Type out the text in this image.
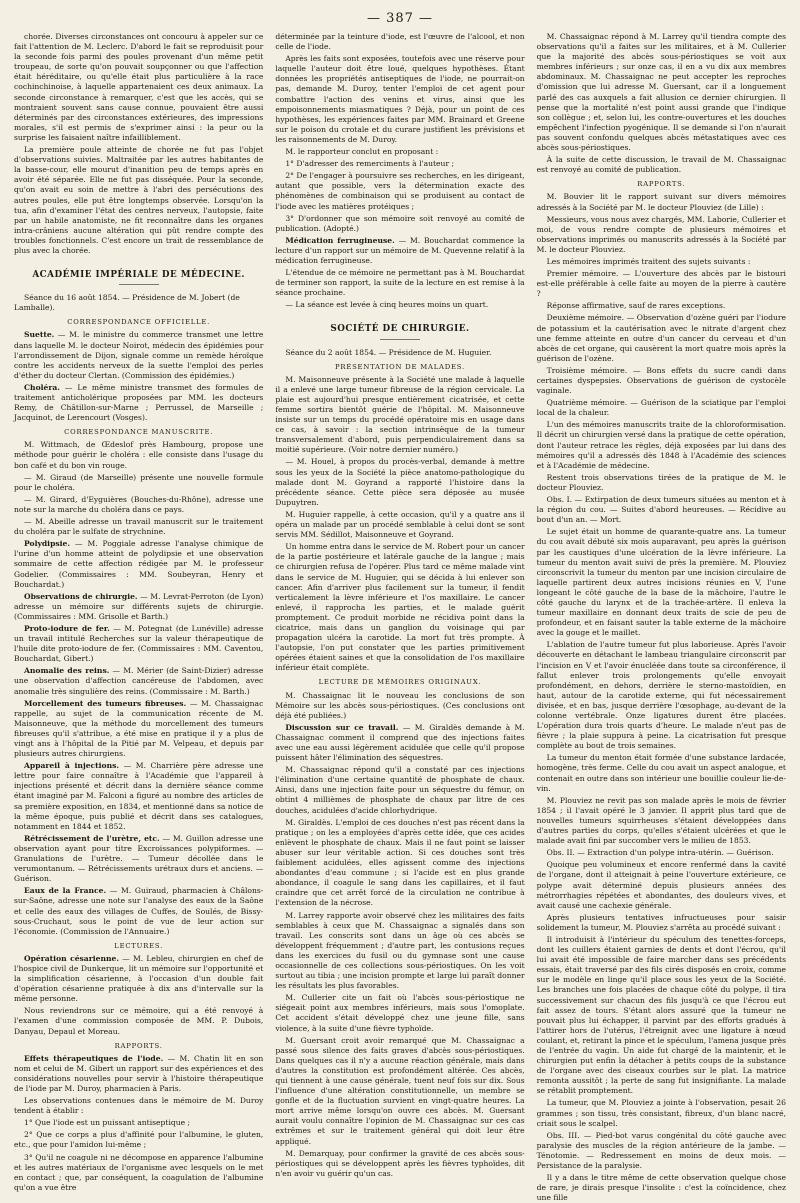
— 387 —

chorée. Diverses circonstances ont concouru à appeler sur ce fait l'attention de M. Leclerc. D'abord le fait se reproduisit pour la seconde fois parmi des poules provenant d'un même petit troupeau, de sorte qu'on pouvait soupçonner ou que l'affection était héréditaire, ou qu'elle était plus particulière à la race cochinchinoise, à laquelle appartenaient ces deux animaux. La seconde circonstance à remarquer, c'est que les accès, qui se montraient souvent sans cause connue, pouvaient être aussi déterminés par des circonstances extérieures, des impressions morales, s'il est permis de s'exprimer ainsi : la peur ou la surprise les faisaient naître infailliblement.

La première poule atteinte de chorée ne fut pas l'objet d'observations suivies. Maltraitée par les autres habitantes de la basse-cour, elle mourut d'inanition peu de temps après en avoir été séparée. Elle ne fut pas disséquée. Pour la seconde, qu'on avait eu soin de mettre à l'abri des persécutions des autres poules, elle put être longtemps observée. Lorsqu'on la tua, afin d'examiner l'état des centres nerveux, l'autopsie, faite par un habile anatomiste, ne fit reconnaître dans les organes intra-crâniens aucune altération qui pût rendre compte des troubles fonctionnels. C'est encore un trait de ressemblance de plus avec la chorée.

ACADÉMIE IMPÉRIALE DE MÉDECINE.

Séance du 16 août 1854. — Présidence de M. Jobert (de Lamballe).

CORRESPONDANCE OFFICIELLE.

Suette. — M. le ministre du commerce transmet une lettre dans laquelle M. le docteur Noirot, médecin des épidémies pour l'arrondissement de Dijon, signale comme un remède héroïque contre les accidents nerveux de la suette l'emploi des perles d'éther du docteur Clertan. (Commission des épidémies.)

Choléra. — Le même ministre transmet des formules de traitement anticholérique proposées par MM. les docteurs Remy, de Châtillon-sur-Marne ; Perrussel, de Marseille ; Jacquinot, de Lerencourt (Vosges).

CORRESPONDANCE MANUSCRITE.

M. Wittmach, de Œdeslof près Hambourg, propose une méthode pour guérir le choléra : elle consiste dans l'usage du bon café et du bon vin rouge.

— M. Giraud (de Marseille) présente une nouvelle formule pour le choléra.

— M. Girard, d'Eyguières (Bouches-du-Rhône), adresse une note sur la marche du choléra dans ce pays.

— M. Abeille adresse un travail manuscrit sur le traitement du choléra par le sulfate de strychnine.

Polydipsie. — M. Poggiale adresse l'analyse chimique de l'urine d'un homme atteint de polydipsie et une observation sommaire de cette affection rédigée par M. le professeur Godelier. (Commissaires : MM. Soubeyran, Henry et Bouchardat.)

Observations de chirurgie. — M. Levrat-Perroton (de Lyon) adresse un mémoire sur différents sujets de chirurgie. (Commissaires : MM. Grisolle et Barth.)

Proto-iodure de fer. — M. Potegnat (de Lunéville) adresse un travail intitulé Recherches sur la valeur thérapeutique de l'huile dite proto-iodure de fer. (Commissaires : MM. Caventou, Bouchardat, Gibert.)

Anomalie des reins. — M. Mérier (de Saint-Dizier) adresse une observation d'affection cancéreuse de l'abdomen, avec anomalie très singulière des reins. (Commissaire : M. Barth.)

Morcellement des tumeurs fibreuses. — M. Chassaignac rappelle, au sujet de la communication récente de M. Maisonneuve, que la méthode du morcellement des tumeurs fibreuses qu'il s'attribue, a été mise en pratique il y a plus de vingt ans à l'hôpital de la Pitié par M. Velpeau, et depuis par plusieurs autres chirurgiens.

Appareil à injections. — M. Charrière père adresse une lettre pour faire connaître à l'Académie que l'appareil à injections présenté et décrit dans la dernière séance comme étant imaginé par M. Falconi a figuré au nombre des articles de sa première exposition, en 1834, et mentionné dans sa notice de la même époque, puis publié et décrit dans ses catalogues, notamment en 1844 et 1852.

Rétrécissement de l'urètre, etc. — M. Guillon adresse une observation ayant pour titre Excroissances polypiformes. — Granulations de l'urètre. — Tumeur décollée dans le verumontanum. — Rétrécissements urétraux durs et anciens. — Guérison.

Eaux de la France. — M. Guiraud, pharmacien à Châlons-sur-Saône, adresse une note sur l'analyse des eaux de la Saône et celle des eaux des villages de Cuffes, de Soulés, de Bissy-sous-Cruchaut, sous le point de vue de leur action sur l'économie. (Commission de l'Annuaire.)

LECTURES.

Opération césarienne. — M. Lebleu, chirurgien en chef de l'hospice civil de Dunkerque, lit un mémoire sur l'opportunité et la simplification césarienne, à l'occasion d'un double fait d'opération césarienne pratiquée à dix ans d'intervalle sur la même personne.

Nous reviendrons sur ce mémoire, qui a été renvoyé à l'examen d'une commission composée de MM. P. Dubois, Danyau, Depaul et Moreau.

RAPPORTS.

Effets thérapeutiques de l'iode. — M. Chatin lit en son nom et celui de M. Gibert un rapport sur des expériences et des considérations nouvelles pour servir à l'histoire thérapeutique de l'iode par M. Duroy, pharmacien à Paris.

Les observations contenues dans le mémoire de M. Duroy tendent à établir :

1° Que l'iode est un puissant antiseptique ;

2° Que ce corps a plus d'affinité pour l'albumine, le gluten, etc., que pour l'amidon lui-même ;

3° Qu'il ne coagule ni ne décompose en apparence l'albumine et les autres matériaux de l'organisme avec lesquels on le met en contact ; que, par conséquent, la coagulation de l'albumine qu'on a vue être

déterminée par la teinture d'iode, est l'œuvre de l'alcool, et non celle de l'iode.

Après les faits sont exposées, toutefois avec une réserve pour laquelle l'auteur doit être loué, quelques hypothèses. Étant données les propriétés antiseptiques de l'iode, ne pourrait-on pas, demande M. Duroy, tenter l'emploi de cet agent pour combattre l'action des venins et virus, ainsi que les empoisonnements miasmatiques ? Déjà, pour un point de ces hypothèses, les expériences faites par MM. Brainard et Greene sur le poison du crotale et du curare justifient les prévisions et les raisonnements de M. Duroy.

M. le rapporteur conclut en proposant :

1° D'adresser des remerciments à l'auteur ;

2° De l'engager à poursuivre ses recherches, en les dirigeant, autant que possible, vers la détermination exacte des phénomènes de combinaison qui se produisent au contact de l'iode avec les matières protéiques ;

3° D'ordonner que son mémoire soit renvoyé au comité de publication. (Adopté.)

Médication ferrugineuse. — M. Bouchardat commence la lecture d'un rapport sur un mémoire de M. Quevenne relatif à la médication ferrugineuse.

L'étendue de ce mémoire ne permettant pas à M. Bouchardat de terminer son rapport, la suite de la lecture en est remise à la séance prochaine.

— La séance est levée à cinq heures moins un quart.

SOCIÉTÉ DE CHIRURGIE.

Séance du 2 août 1854. — Présidence de M. Huguier.

PRÉSENTATION DE MALADES.

M. Maisonneuve présente à la Société une malade à laquelle il a enlevé une large tumeur fibreuse de la région cervicale. La plaie est aujourd'hui presque entièrement cicatrisée, et cette femme sortira bientôt guérie de l'hôpital. M. Maisonneuve insiste sur un temps du procédé opératoire mis en usage dans ce cas, à savoir : la section intrinsèque de la tumeur transversalement d'abord, puis perpendiculairement dans sa moitié supérieure. (Voir notre dernier numéro.)

— M. Houel, à propos du procès-verbal, demande à mettre sous les yeux de la Société la pièce anatomo-pathologique du malade dont M. Goyrand a rapporté l'histoire dans la précédente séance. Cette pièce sera déposée au musée Dupuytren.

M. Huguier rappelle, à cette occasion, qu'il y a quatre ans il opéra un malade par un procédé semblable à celui dont se sont servis MM. Sédillot, Maisonneuve et Goyrand.

Un homme entra dans le service de M. Robert pour un cancer de la partie postérieure et latérale gauche de la langue ; mais ce chirurgien refusa de l'opérer. Plus tard ce même malade vint dans le service de M. Huguier, qui se décida à lui enlever son cancer. Afin d'arriver plus facilement sur la tumeur, il fendit verticalement la lèvre inférieure et l'os maxillaire. Le cancer enlevé, il rapprocha les parties, et le malade guérit promptement. Ce produit morbide ne récidiva point dans la cicatrice, mais dans un ganglion du voisinage qui par propagation ulcéra la carotide. La mort fut très prompte. À l'autopsie, l'on put constater que les parties primitivement opérées étaient saines et que la consolidation de l'os maxillaire inférieur était complète.

LECTURE DE MÉMOIRES ORIGINAUX.

M. Chassaignac lit le nouveau les conclusions de son Mémoire sur les abcès sous-périostiques. (Ces conclusions ont déjà été publiées.)

Discussion sur ce travail. — M. Giraldès demande à M. Chassaignac comment il comprend que des injections faites avec une eau aussi légèrement acidulée que celle qu'il propose puissent hâter l'élimination des séquestres.

M. Chassaignac répond qu'il a constaté par ces injections l'élimination d'une certaine quantité de phosphate de chaux. Ainsi, dans une injection faite pour un séquestre du fémur, on obtint 4 millièmes de phosphate de chaux par litre de ces douches, acidulées d'acide chlorhydrique.

M. Giraldès. L'emploi de ces douches n'est pas récent dans la pratique ; on les a employées d'après cette idée, que ces acides enlèvent le phosphate de chaux. Mais il ne faut point se laisser abuser sur leur véritable action. Si ces douches sont très faiblement acidulées, elles agissent comme des injections abondantes d'eau commune ; si l'acide est en plus grande abondance, il coagule le sang dans les capillaires, et il faut craindre que cet arrêt forcé de la circulation ne contribue à l'extension de la nécrose.

M. Larrey rapporte avoir observé chez les militaires des faits semblables à ceux que M. Chassaignac a signalés dans son travail. Les conscrits sont dans un âge où ces abcès se développent fréquemment ; d'autre part, les contusions reçues dans les exercices du fusil ou du gymnase sont une cause occasionnelle de ces collections sous-périostiques. On les voit surtout au tibia ; une incision prompte et large lui paraît donner les résultats les plus favorables.

M. Cullerier cite un fait où l'abcès sous-périostique ne siégeait point aux membres inférieurs, mais sous l'omoplate. Cet accident s'était développé chez une jeune fille, sans violence, à la suite d'une fièvre typhoïde.

M. Guersant croit avoir remarqué que M. Chassaignac a passé sous silence des faits graves d'abcès sous-périostiques. Dans quelques cas il n'y a aucune réaction générale, mais dans d'autres la constitution est profondément altérée. Ces abcès, qui tiennent à une cause générale, tuent neuf fois sur dix. Sous l'influence d'une altération constitutionnelle, un membre se gonfle et de la fluctuation survient en vingt-quatre heures. La mort arrive même lorsqu'on ouvre ces abcès. M. Guersant aurait voulu connaître l'opinion de M. Chassaignac sur ces cas extrêmes et sur le traitement général qui doit leur être appliqué.

M. Demarquay, pour confirmer la gravité de ces abcès sous-périostiques qui se développent après les fièvres typhoïdes, dit n'en avoir vu guérir qu'un cas.

M. Chassaignac répond à M. Larrey qu'il tiendra compte des observations qu'il a faites sur les militaires, et à M. Cullerier que la majorité des abcès sous-périostiques se voit aux membres inférieurs ; sur onze cas, il en a vu dix aux membres abdominaux. M. Chassaignac ne peut accepter les reproches d'omission que lui adresse M. Guersant, car il a longuement parlé des cas auxquels a fait allusion ce dernier chirurgien. Il pense que la mortalité n'est point aussi grande que l'indique son collègue ; et, selon lui, les contre-ouvertures et les douches empêchent l'infection pyogénique. Il se demande si l'on n'aurait pas souvent confondu quelques abcès métastatiques avec ces abcès sous-périostiques.

À la suite de cette discussion, le travail de M. Chassaignac est renvoyé au comité de publication.

RAPPORTS.

M. Bouvier lit le rapport suivant sur divers mémoires adressés à la Société par M. le docteur Plouviez (de Lille) :

Messieurs, vous nous avez chargés, MM. Laborie, Cullerier et moi, de vous rendre compte de plusieurs mémoires et observations imprimés ou manuscrits adressés à la Société par M. le docteur Plouviez.

Les mémoires imprimés traitent des sujets suivants :

Premier mémoire. — L'ouverture des abcès par le bistouri est-elle préférable à celle faite au moyen de la pierre à cautère ?

Réponse affirmative, sauf de rares exceptions.

Deuxième mémoire. — Observation d'ozène guéri par l'iodure de potassium et la cautérisation avec le nitrate d'argent chez une femme atteinte en outre d'un cancer du cerveau et d'un abcès de cet organe, qui causèrent la mort quatre mois après la guérison de l'ozène.

Troisième mémoire. — Bons effets du sucre candi dans certaines dyspepsies. Observations de guérison de cystocèle vaginale.

Quatrième mémoire. — Guérison de la sciatique par l'emploi local de la chaleur.

L'un des mémoires manuscrits traite de la chloroformisation. Il décrit un chirurgien versé dans la pratique de cette opération, dont l'auteur retrace les règles, déjà exposées par lui dans des mémoires qu'il a adressés dès 1848 à l'Académie des sciences et à l'Académie de médecine.

Restent trois observations tirées de la pratique de M. le docteur Plouviez.

Obs. I. — Extirpation de deux tumeurs situées au menton et à la région du cou. — Suites d'abord heureuses. — Récidive au bout d'un an. — Mort.

Le sujet était un homme de quarante-quatre ans. La tumeur du cou avait débuté six mois auparavant, peu après la guérison par les caustiques d'une ulcération de la lèvre inférieure. La tumeur du menton avait suivi de près la première. M. Plouviez circonscrivit la tumeur du menton par une incision circulaire de laquelle partirent deux autres incisions réunies en V, l'une longeant le côté gauche de la base de la mâchoire, l'autre le côté gauche du larynx et de la trachée-artère. Il enleva la tumeur maxillaire en donnant deux traits de scie de peu de profondeur, et en faisant sauter la table externe de la mâchoire avec la gouge et le maillet.

L'ablation de l'autre tumeur fut plus laborieuse. Après l'avoir découverte en détachant le lambeau triangulaire circonscrit par l'incision en V et l'avoir énucléée dans toute sa circonférence, il fallut enlever trois prolongements qu'elle envoyait profondément, en dehors, derrière le sterno-mastoïdien, en haut, autour de la carotide externe, qui fut nécessairement divisée, et en bas, jusque derrière l'œsophage, au-devant de la colonne vertébrale. Onze ligatures durent être placées. L'opération dura trois quarts d'heure. Le malade n'eut pas de fièvre ; la plaie suppura à peine. La cicatrisation fut presque complète au bout de trois semaines.

La tumeur du menton était formée d'une substance lardacée, homogène, très ferme. Celle du cou avait un aspect analogue, et contenait en outre dans son intérieur une bouillie couleur lie-de-vin.

M. Plouviez ne revit pas son malade après le mois de février 1854 ; il l'avait opéré le 3 janvier. Il apprit plus tard que de nouvelles tumeurs squirrheuses s'étaient développées dans d'autres parties du corps, qu'elles s'étaient ulcérées et que le malade avait fini par succomber vers le milieu de 1853.

Obs. II. — Extraction d'un polype intra-utérin. — Guérison.

Quoique peu volumineux et encore renfermé dans la cavité de l'organe, dont il atteignait à peine l'ouverture extérieure, ce polype avait déterminé depuis plusieurs années des métrorrhagies répétées et abondantes, des douleurs vives, et avait causé une cachexie générale.

Après plusieurs tentatives infructueuses pour saisir solidement la tumeur, M. Plouviez s'arrêta au procédé suivant :

Il introduisit à l'intérieur du spéculum des tenettes-forceps, dont les cuillers étaient garnies de dents et dont l'écrou, qu'il lui avait été impossible de faire marcher dans ses précédents essais, était traversé par des fils cirés disposés en croix, comme sur le modèle en linge qu'il place sous les yeux de la Société. Les branches une fois placées de chaque côté du polype, il tira successivement sur chacun des fils jusqu'à ce que l'écrou eut fait assez de tours. S'étant alors assuré que la tumeur ne pouvait plus lui échapper, il parvint par des efforts gradués à l'attirer hors de l'utérus, l'étreignit avec une ligature à nœud coulant, et, retirant la pince et le spéculum, l'amena jusque près de l'entrée du vagin. Un aide fut chargé de la maintenir, et le chirurgien put enfin la détacher à petits coups de la substance de l'organe avec des ciseaux courbes sur le plat. La matrice remonta aussitôt ; la perte de sang fut insignifiante. La malade se rétablit promptement.

La tumeur, que M. Plouviez a jointe à l'observation, pesait 26 grammes ; son tissu, très consistant, fibreux, d'un blanc nacré, criait sous le scalpel.

Obs. III. — Pied-bot varus congénital du côté gauche avec paralysie des muscles de la région antérieure de la jambe. — Ténotomie. — Redressement en moins de deux mois. — Persistance de la paralysie.

Il y a dans le titre même de cette observation quelque chose de rare, je dirais presque l'insolite : c'est la coïncidence, chez une fille
